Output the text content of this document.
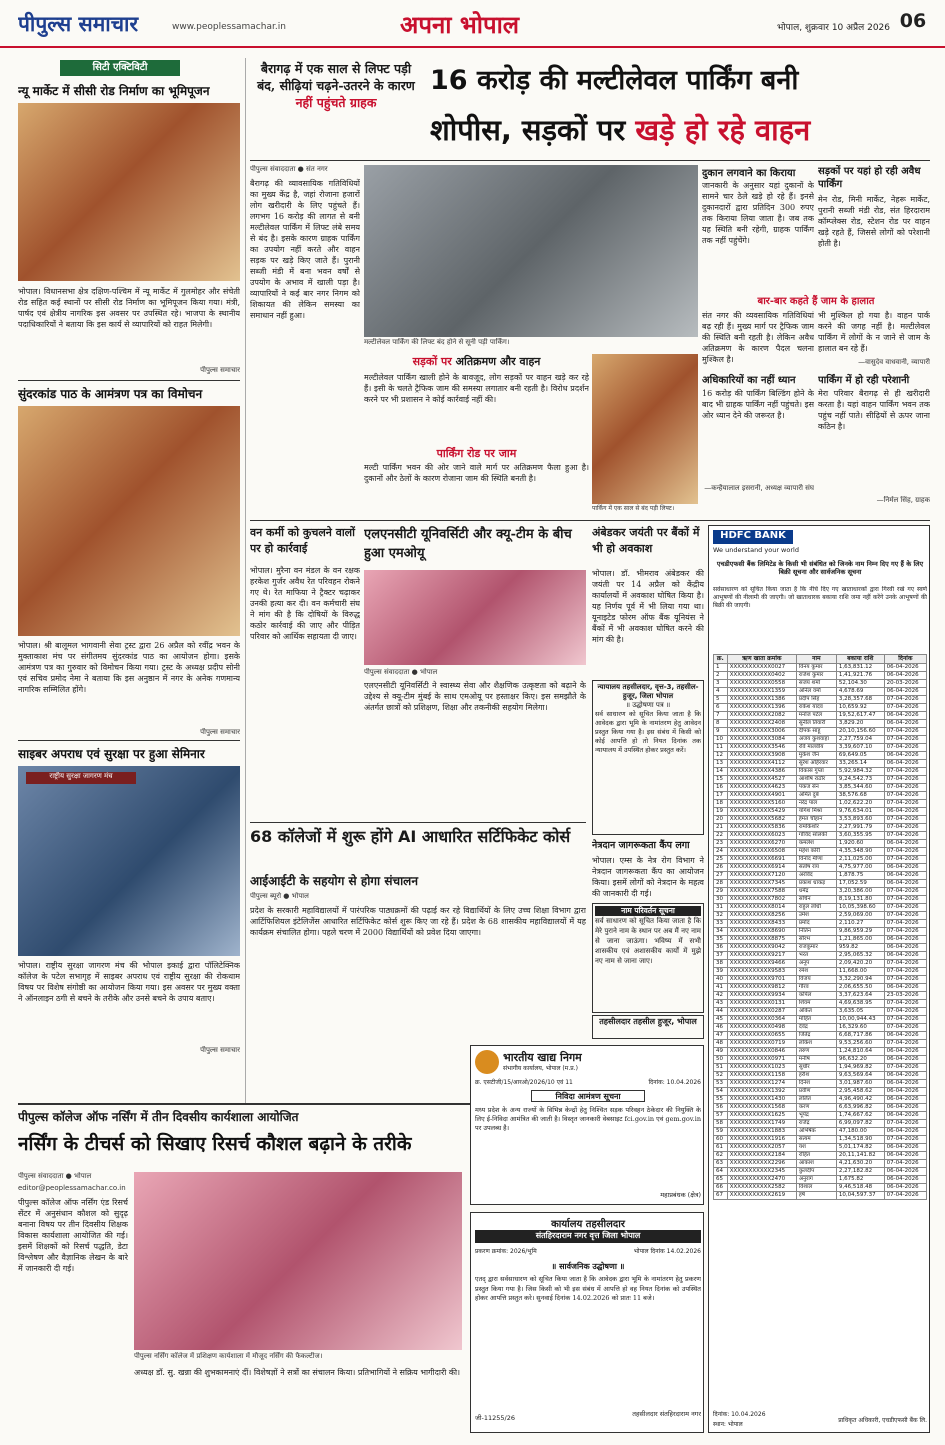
पीपुल्स समाचार	www.peoplessamachar.in	अपना भोपाल	भोपाल, शुक्रवार 10 अप्रैल 2026 06
सिटी एक्टिविटी
न्यू मार्केट में सीसी रोड निर्माण का भूमिपूजन
भोपाल। विधानसभा क्षेत्र दक्षिण-पश्चिम में न्यू मार्केट में गुलमोहर और संचेती रोड सहित कई स्थानों पर सीसी रोड निर्माण का भूमिपूजन किया गया। मंत्री, पार्षद एवं क्षेत्रीय नागरिक इस अवसर पर उपस्थित रहे। भाजपा के स्थानीय पदाधिकारियों ने बताया कि इस कार्य से व्यापारियों को राहत मिलेगी।
पीपुल्स समाचार
सुंदरकांड पाठ के आमंत्रण पत्र का विमोचन
भोपाल। श्री बालूमल भागवानी सेवा ट्रस्ट द्वारा 26 अप्रैल को रवींद्र भवन के मुक्ताकाश मंच पर संगीतमय सुंदरकांड पाठ का आयोजन होगा। इसके आमंत्रण पत्र का गुरुवार को विमोचन किया गया। ट्रस्ट के अध्यक्ष प्रदीप सोनी एवं सचिव प्रमोद नेमा ने बताया कि इस अनुष्ठान में नगर के अनेक गणमान्य नागरिक सम्मिलित होंगे।
पीपुल्स समाचार
साइबर अपराध एवं सुरक्षा पर हुआ सेमिनार
राष्ट्रीय सुरक्षा जागरण मंच
भोपाल। राष्ट्रीय सुरक्षा जागरण मंच की भोपाल इकाई द्वारा पॉलिटेक्निक कॉलेज के पटेल सभागृह में साइबर अपराध एवं राष्ट्रीय सुरक्षा की रोकथाम विषय पर विशेष संगोष्ठी का आयोजन किया गया। इस अवसर पर मुख्य वक्ता ने ऑनलाइन ठगी से बचने के तरीके और उनसे बचने के उपाय बताए।
पीपुल्स समाचार
बैरागढ़ में एक साल से लिफ्ट पड़ी बंद, सीढ़ियां चढ़ने-उतरने के कारण नहीं पहुंचते ग्राहक
16 करोड़ की मल्टीलेवल पार्किंग बनी
शोपीस, सड़कों पर खड़े हो रहे वाहन
पीपुल्स संवाददाता ● संत नगर
बैरागढ़ की व्यावसायिक गतिविधियों का मुख्य केंद्र है, जहां रोजाना हजारों लोग खरीदारी के लिए पहुंचते हैं। लगभग 16 करोड़ की लागत से बनी मल्टीलेवल पार्किंग में लिफ्ट लंबे समय से बंद है। इसके कारण ग्राहक पार्किंग का उपयोग नहीं करते और वाहन सड़क पर खड़े किए जाते हैं। पुरानी सब्जी मंडी में बना भवन वर्षों से उपयोग के अभाव में खाली पड़ा है। व्यापारियों ने कई बार नगर निगम को शिकायत की लेकिन समस्या का समाधान नहीं हुआ।
मल्टीलेवल पार्किंग की लिफ्ट बंद होने से सूनी पड़ी पार्किंग।
सड़कों पर अतिक्रमण और वाहन
मल्टीलेवल पार्किंग खाली होने के बावजूद, लोग सड़कों पर वाहन खड़े कर रहे हैं। इसी के चलते ट्रैफिक जाम की समस्या लगातार बनी रहती है। विरोध प्रदर्शन करने पर भी प्रशासन ने कोई कार्रवाई नहीं की।
पार्किंग रोड पर जाम
मल्टी पार्किंग भवन की ओर जाने वाले मार्ग पर अतिक्रमण फैला हुआ है। दुकानों और ठेलों के कारण रोजाना जाम की स्थिति बनती है।
पार्किंग में एक साल से बंद पड़ी लिफ्ट।
दुकान लगवाने का किराया
जानकारी के अनुसार यहां दुकानों के सामने चार ठेले खड़े हो रहे हैं। इनसे दुकानदारों द्वारा प्रतिदिन 300 रुपए तक किराया लिया जाता है। जब तक यह स्थिति बनी रहेगी, ग्राहक पार्किंग तक नहीं पहुंचेंगे।
सड़कों पर यहां हो रही अवैध पार्किंग
मेन रोड, मिनी मार्केट, नेहरू मार्केट, पुरानी सब्जी मंडी रोड, संत हिरदाराम कॉम्प्लेक्स रोड, स्टेशन रोड पर वाहन खड़े रहते हैं, जिससे लोगों को परेशानी होती है।
बार-बार कहते हैं जाम के हालात
संत नगर की व्यवसायिक गतिविधियां बढ़ रही हैं। मुख्य मार्ग पर ट्रैफिक जाम की स्थिति बनी रहती है। लेकिन अवैध अतिक्रमण के कारण पैदल चलना मुश्किल है।
भी मुश्किल हो गया है। वाहन पार्क करने की जगह नहीं है। मल्टीलेवल पार्किंग में लोगों के न जाने से जाम के हालात बन रहे हैं।
—वासुदेव वाधवानी, व्यापारी
अधिकारियों का नहीं ध्यान
16 करोड़ की पार्किंग बिल्डिंग होने के बाद भी ग्राहक पार्किंग नहीं पहुंचते। इस ओर ध्यान देने की जरूरत है।
—कन्हैयालाल इसरानी, अध्यक्ष व्यापारी संघ
पार्किंग में हो रही परेशानी
मेरा परिवार बैरागढ़ से ही खरीदारी करता है। यहां वाहन पार्किंग भवन तक पहुंच नहीं पाते। सीढ़ियों से ऊपर जाना कठिन है।
—निर्मल सिंह, ग्राहक
वन कर्मी को कुचलने वालों पर हो कार्रवाई
भोपाल। मुरैना वन मंडल के वन रक्षक हरकेश गुर्जर अवैध रेत परिवहन रोकने गए थे। रेत माफिया ने ट्रैक्टर चढ़ाकर उनकी हत्या कर दी। वन कर्मचारी संघ ने मांग की है कि दोषियों के विरुद्ध कठोर कार्रवाई की जाए और पीड़ित परिवार को आर्थिक सहायता दी जाए।
एलएनसीटी यूनिवर्सिटी और क्यू-टीम के बीच हुआ एमओयू
पीपुल्स संवाददाता ● भोपाल
एलएनसीटी यूनिवर्सिटी ने स्वास्थ्य सेवा और शैक्षणिक उत्कृष्टता को बढ़ाने के उद्देश्य से क्यू-टीम मुंबई के साथ एमओयू पर हस्ताक्षर किए। इस समझौते के अंतर्गत छात्रों को प्रशिक्षण, शिक्षा और तकनीकी सहयोग मिलेगा।
68 कॉलेजों में शुरू होंगे AI आधारित सर्टिफिकेट कोर्स
आईआईटी के सहयोग से होगा संचालन
पीपुल्स ब्यूरो ● भोपाल
प्रदेश के सरकारी महाविद्यालयों में पारंपरिक पाठ्यक्रमों की पढ़ाई कर रहे विद्यार्थियों के लिए उच्च शिक्षा विभाग द्वारा आर्टिफिशियल इंटेलिजेंस आधारित सर्टिफिकेट कोर्स शुरू किए जा रहे हैं। प्रदेश के 68 शासकीय महाविद्यालयों में यह कार्यक्रम संचालित होगा। पहले चरण में 2000 विद्यार्थियों को प्रवेश दिया जाएगा।
अंबेडकर जयंती पर बैंकों में भी हो अवकाश
भोपाल। डॉ. भीमराव अंबेडकर की जयंती पर 14 अप्रैल को केंद्रीय कार्यालयों में अवकाश घोषित किया है। यह निर्णय पूर्व में भी लिया गया था। यूनाइटेड फोरम ऑफ बैंक यूनियंस ने बैंकों में भी अवकाश घोषित करने की मांग की है।
न्यायालय तहसीलदार, वृत्त-3, तहसील-हुजूर, जिला भोपाल
॥ उद्घोषणा पत्र ॥
सर्व साधारण को सूचित किया जाता है कि आवेदक द्वारा भूमि के नामांतरण हेतु आवेदन प्रस्तुत किया गया है। इस संबंध में किसी को कोई आपत्ति हो तो नियत दिनांक तक न्यायालय में उपस्थित होकर प्रस्तुत करें।
नेत्रदान जागरूकता कैंप लगा
भोपाल। एम्स के नेत्र रोग विभाग ने नेत्रदान जागरूकता कैंप का आयोजन किया। इसमें लोगों को नेत्रदान के महत्व की जानकारी दी गई।
नाम परिवर्तन सूचना
सर्व साधारण को सूचित किया जाता है कि मेरे पुराने नाम के स्थान पर अब मैं नए नाम से जाना जाऊंगा। भविष्य में सभी शासकीय एवं अशासकीय कार्यों में मुझे नए नाम से जाना जाए।
तहसीलदार तहसील हुजूर, भोपाल
HDFC BANK
We understand your world
एचडीएफसी बैंक लिमिटेड के किसी भी संबंधित को जिनके नाम निम्न दिए गए हैं के लिए बिक्री सूचना और सार्वजनिक सूचना
सर्वसाधारण को सूचित किया जाता है कि नीचे दिए गए खाताधारकों द्वारा गिरवी रखे गए स्वर्ण आभूषणों की नीलामी की जाएगी। जो खाताधारक बकाया राशि जमा नहीं करेंगे उनके आभूषणों की बिक्री की जाएगी।
क्र.	ऋण खाता क्रमांक	नाम	बकाया राशि	दिनांक
1	XXXXXXXXXXX0027	विनय कुमार	1,63,831.12	06-04-2026
2	XXXXXXXXXXX0402	राजेश कुमार	1,41,921.76	06-04-2026
3	XXXXXXXXXXX0558	संजय शर्मा	52,104.30	20-03-2026
4	XXXXXXXXXXX1359	अनिल वर्मा	4,678.69	06-04-2026
5	XXXXXXXXXXX1386	प्रदीप सिंह	3,28,357.68	07-04-2026
6	XXXXXXXXXXX1396	राकेश यादव	10,659.92	07-04-2026
7	XXXXXXXXXXX2082	मनोज पटेल	19,52,617.47	06-04-2026
8	XXXXXXXXXXX2408	सुनील तिवारी	3,829.20	06-04-2026
9	XXXXXXXXXXX3006	दीपक साहू	20,10,156.60	07-04-2026
10	XXXXXXXXXXX3084	अजय कुशवाहा	2,27,759.04	07-04-2026
11	XXXXXXXXXXX3546	रवि मालवीय	3,39,607.10	07-04-2026
12	XXXXXXXXXXX3908	मुकेश जैन	69,649.05	06-04-2026
13	XXXXXXXXXXX4112	सुरेश अहिरवार	33,265.14	06-04-2026
14	XXXXXXXXXXX4386	विकास गुप्ता	5,92,984.32	07-04-2026
15	XXXXXXXXXXX4527	आशीष राठौर	9,24,542.73	07-04-2026
16	XXXXXXXXXXX4623	पंकज सेन	3,85,344.60	07-04-2026
17	XXXXXXXXXXX4901	अमित दुबे	38,576.68	07-04-2026
18	XXXXXXXXXXX5160	नरेंद्र पाल	1,02,622.20	07-04-2026
19	XXXXXXXXXXX5429	योगेश मिश्रा	9,76,634.01	06-04-2026
20	XXXXXXXXXXX5682	हेमंत चौहान	3,53,893.60	07-04-2026
21	XXXXXXXXXXX5836	रामकिशोर	2,27,991.79	07-04-2026
22	XXXXXXXXXXX6023	गोविंद सोलंकी	3,60,355.95	07-04-2026
23	XXXXXXXXXXX6270	कमलेश	1,920.60	06-04-2026
24	XXXXXXXXXXX6508	महेश कोरी	4,35,348.90	07-04-2026
25	XXXXXXXXXXX6691	विनोद मीणा	2,11,025.00	07-04-2026
26	XXXXXXXXXXX6914	संतोष राय	4,75,977.00	06-04-2026
27	XXXXXXXXXXX7120	अरविंद	1,878.75	06-04-2026
28	XXXXXXXXXXX7345	प्रकाश धाकड़	17,052.59	06-04-2026
29	XXXXXXXXXXX7588	धर्मेंद्र	3,20,386.00	07-04-2026
30	XXXXXXXXXXX7802	सचिन	8,19,131.80	07-04-2026
31	XXXXXXXXXXX8014	राहुल लोधी	10,05,398.60	07-04-2026
32	XXXXXXXXXXX8256	उमेश	2,59,069.00	07-04-2026
33	XXXXXXXXXXX8433	प्रमोद	2,110.27	07-04-2026
34	XXXXXXXXXXX8690	नितिन	9,86,959.29	07-04-2026
35	XXXXXXXXXXX8875	सौरभ	1,21,865.00	06-04-2026
36	XXXXXXXXXXX9042	राजकुमार	959.82	06-04-2026
37	XXXXXXXXXXX9217	भरत	2,95,065.32	06-04-2026
38	XXXXXXXXXXX9466	अनूप	2,09,420.20	07-04-2026
39	XXXXXXXXXXX9583	रमेश	11,668.00	07-04-2026
40	XXXXXXXXXXX9701	विजय	3,32,290.94	07-04-2026
41	XXXXXXXXXXX9812	गौरव	2,06,655.50	06-04-2026
42	XXXXXXXXXXX9934	कपिल	3,37,623.64	23-03-2026
43	XXXXXXXXXXX0131	शिवम	4,69,638.95	07-04-2026
44	XXXXXXXXXXX0287	अंकित	3,635.05	07-04-2026
45	XXXXXXXXXXX0364	मोहित	10,00,944.43	07-04-2026
46	XXXXXXXXXXX0498	देवेंद्र	16,329.60	07-04-2026
47	XXXXXXXXXXX0655	जितेंद्र	6,68,717.86	06-04-2026
48	XXXXXXXXXXX0719	लोकेश	9,53,256.60	07-04-2026
49	XXXXXXXXXXX0846	तरुण	1,24,810.64	06-04-2026
50	XXXXXXXXXXX0971	मनीष	96,632.20	06-04-2026
51	XXXXXXXXXXX1023	सुधीर	1,94,969.82	07-04-2026
52	XXXXXXXXXXX1158	हरीश	9,63,569.64	06-04-2026
53	XXXXXXXXXXX1274	दिनेश	3,01,987.60	06-04-2026
54	XXXXXXXXXXX1392	प्रवीण	2,95,458.62	06-04-2026
55	XXXXXXXXXXX1430	ललित	4,96,490.42	06-04-2026
56	XXXXXXXXXXX1568	करण	6,63,996.82	06-04-2026
57	XXXXXXXXXXX1625	भूपेंद्र	1,74,667.62	06-04-2026
58	XXXXXXXXXXX1749	राजेंद्र	6,99,097.82	07-04-2026
59	XXXXXXXXXXX1883	अभिषेक	47,180.00	06-04-2026
60	XXXXXXXXXXX1916	सत्यम	1,34,518.90	07-04-2026
61	XXXXXXXXXXX2057	यश	5,01,174.82	06-04-2026
62	XXXXXXXXXXX2184	रोहित	20,11,141.82	06-04-2026
63	XXXXXXXXXXX2296	आकाश	4,21,630.20	07-04-2026
64	XXXXXXXXXXX2345	कुलदीप	2,27,182.82	06-04-2026
65	XXXXXXXXXXX2470	अनुराग	1,675.82	06-04-2026
66	XXXXXXXXXXX2582	विशाल	9,46,518.48	06-04-2026
67	XXXXXXXXXXX2619	हर्ष	10,04,597.37	07-04-2026
दिनांक: 10.04.2026
स्थान: भोपाल
प्राधिकृत अधिकारी, एचडीएफसी बैंक लि.
पीपुल्स कॉलेज ऑफ नर्सिंग में तीन दिवसीय कार्यशाला आयोजित
नर्सिंग के टीचर्स को सिखाए रिसर्च कौशल बढ़ाने के तरीके
पीपुल्स संवाददाता ● भोपाल
editor@peoplessamachar.co.in
पीपुल्स कॉलेज ऑफ नर्सिंग एंड रिसर्च सेंटर में अनुसंधान कौशल को सुदृढ़ बनाना विषय पर तीन दिवसीय शिक्षक विकास कार्यशाला आयोजित की गई। इसमें शिक्षकों को रिसर्च पद्धति, डेटा विश्लेषण और वैज्ञानिक लेखन के बारे में जानकारी दी गई।
पीपुल्स नर्सिंग कॉलेज में प्रशिक्षण कार्यशाला में मौजूद नर्सिंग की फैकल्टीज।
अध्यक्ष डॉ. सु. खन्ना की शुभकामनाएं दीं। विशेषज्ञों ने सत्रों का संचालन किया। प्रतिभागियों ने सक्रिय भागीदारी की।
भारतीय खाद्य निगम
संभागीय कार्यालय, भोपाल (म.प्र.)
क्र. एसटीजी/15/आरओ/2026/10 एवं 11	दिनांक: 10.04.2026
निविदा आमंत्रण सूचना
मध्य प्रदेश के अन्य राज्यों के विभिन्न केन्द्रों हेतु निश्चित सड़क परिवहन ठेकेदार की नियुक्ति के लिए ई-निविदा आमंत्रित की जाती है। विस्तृत जानकारी वेबसाइट fci.gov.in एवं gem.gov.in पर उपलब्ध है।
महाप्रबंधक (क्षेत्र)
कार्यालय तहसीलदार
संतहिरदाराम नगर वृत्त जिला भोपाल
प्रकरण क्रमांक: 2026/भूमि	भोपाल दिनांक 14.02.2026
॥ सार्वजनिक उद्घोषणा ॥
एतद् द्वारा सर्वसाधारण को सूचित किया जाता है कि आवेदक द्वारा भूमि के नामांतरण हेतु प्रकरण प्रस्तुत किया गया है। जिस किसी को भी इस संबंध में आपत्ति हो वह नियत दिनांक को उपस्थित होकर आपत्ति प्रस्तुत करे। सुनवाई दिनांक 14.02.2026 को प्रातः 11 बजे।
जी-11255/26	तहसीलदार संतहिरदाराम नगर
